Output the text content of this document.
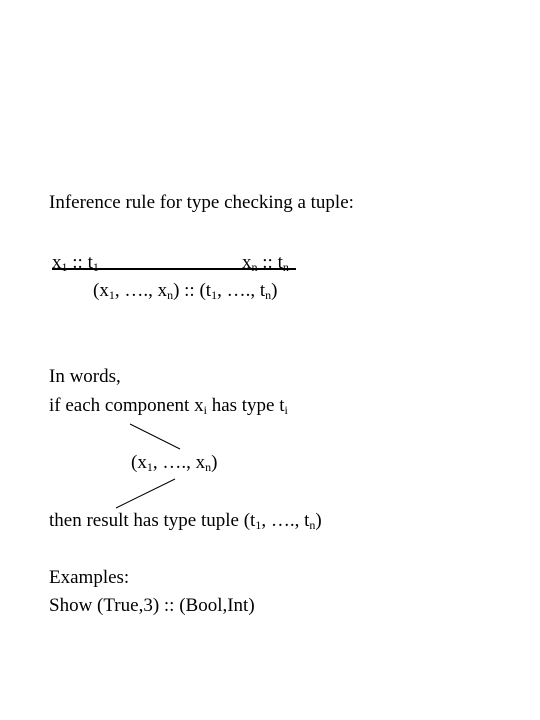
Inference rule for type checking a tuple:
$x_1$ :: $t_1$	$x_n$ :: $t_n$
($x_1$, …., $x_n$) :: ($t_1$, …., $t_n$)
In words,
if each component $x_i$ has type $t_i$
($x_1$, …., $x_n$)
then result has type tuple ($t_1$, …., $t_n$)
Examples:
Show (True,3) :: (Bool,Int)
